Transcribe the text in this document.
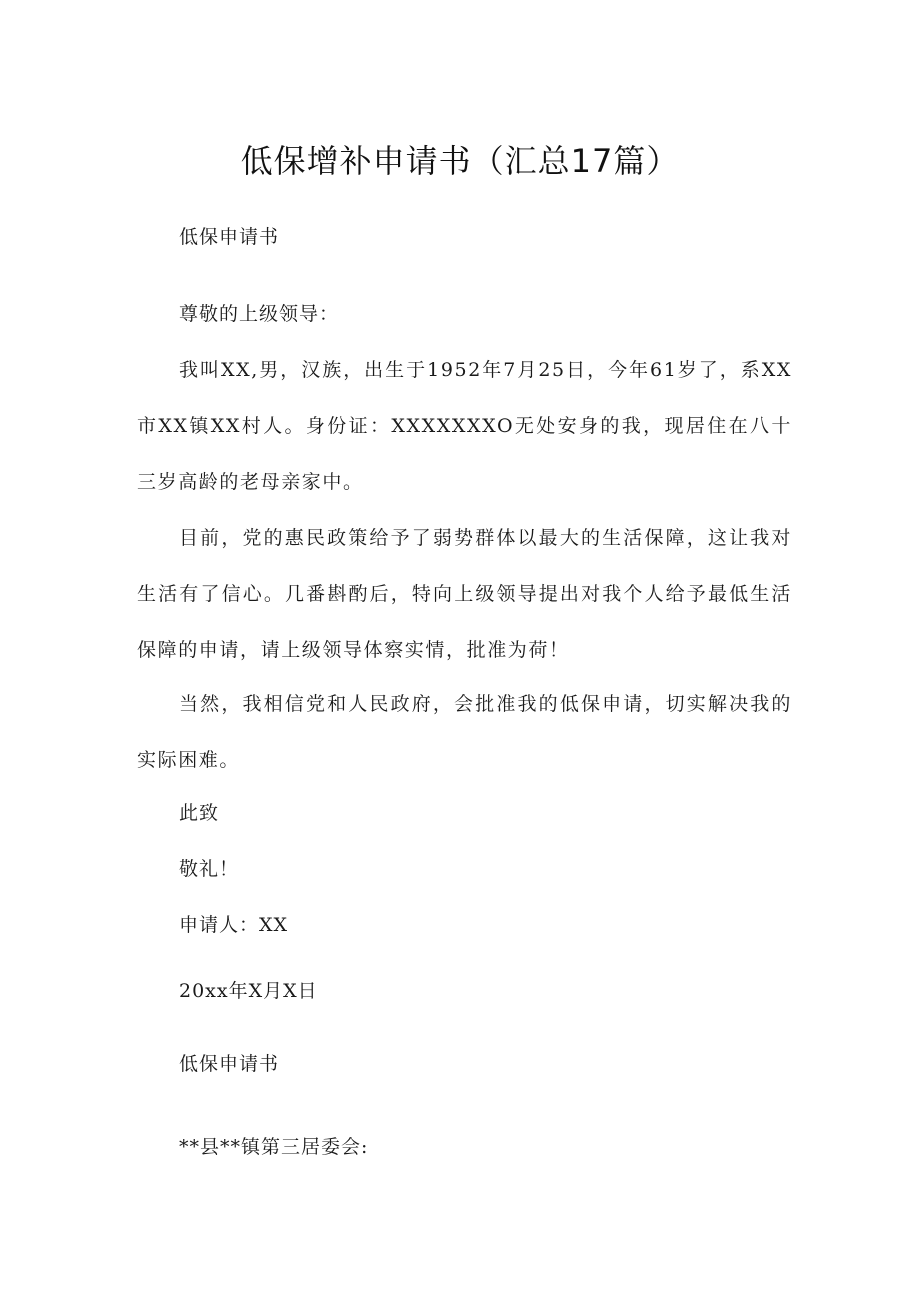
低保增补申请书（汇总17篇）
低保申请书
尊敬的上级领导：
我叫XX,男，汉族，出生于1952年7月25日，今年61岁了，系XX市XX镇XX村人。身份证：XXXXXXXO无处安身的我，现居住在八十三岁高龄的老母亲家中。
目前，党的惠民政策给予了弱势群体以最大的生活保障，这让我对生活有了信心。几番斟酌后，特向上级领导提出对我个人给予最低生活保障的申请，请上级领导体察实情，批准为荷！
当然，我相信党和人民政府，会批准我的低保申请，切实解决我的实际困难。
此致
敬礼！
申请人：XX
20xx年X月X日
低保申请书
**县**镇第三居委会:
